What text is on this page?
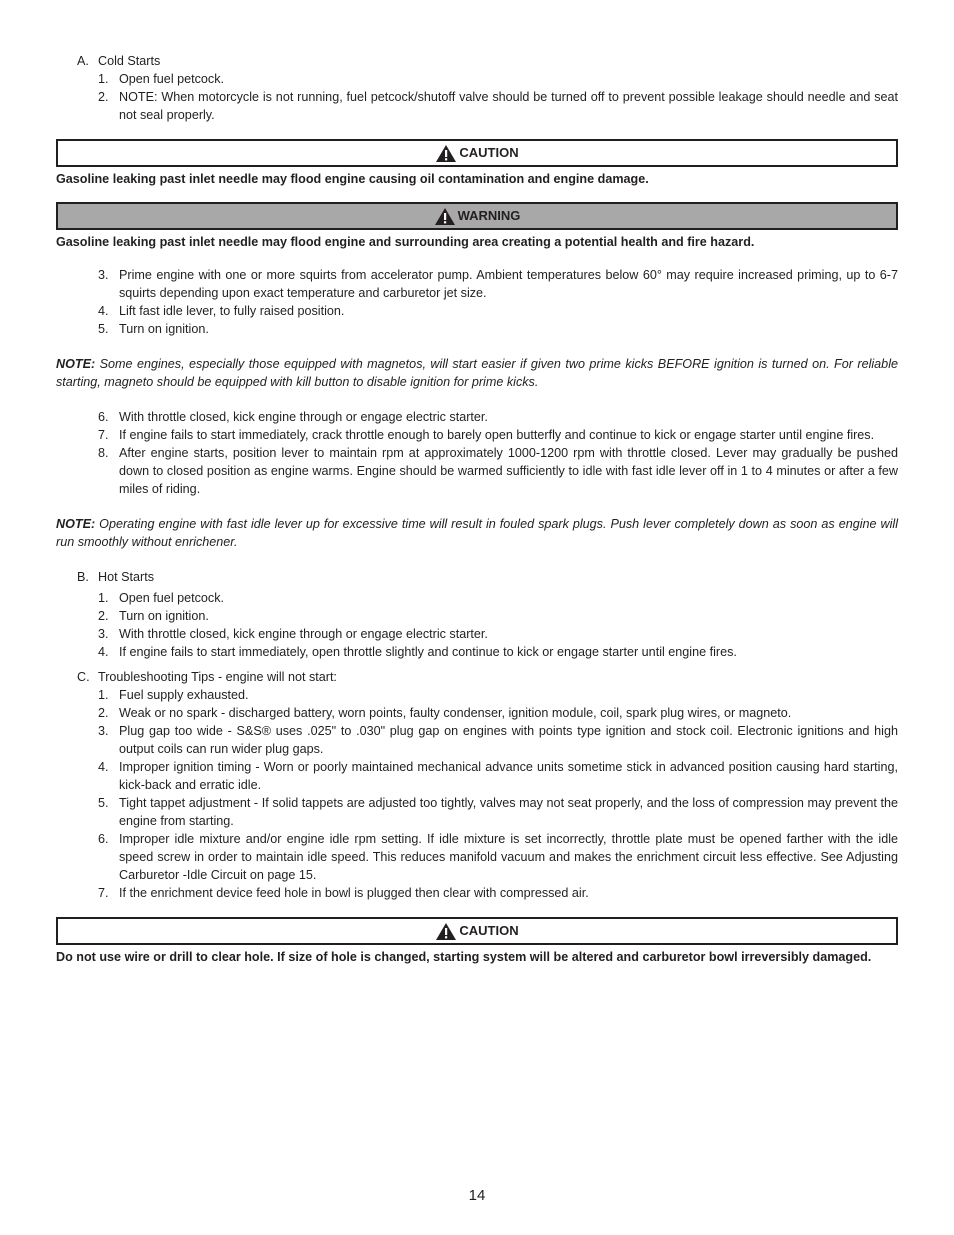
A. Cold Starts
1. Open fuel petcock.
2. NOTE: When motorcycle is not running, fuel petcock/shutoff valve should be turned off to prevent possible leakage should needle and seat not seal properly.
CAUTION
Gasoline leaking past inlet needle may flood engine causing oil contamination and engine damage.
WARNING
Gasoline leaking past inlet needle may flood engine and surrounding area creating a potential health and fire hazard.
3. Prime engine with one or more squirts from accelerator pump. Ambient temperatures below 60° may require increased priming, up to 6-7 squirts depending upon exact temperature and carburetor jet size.
4. Lift fast idle lever, to fully raised position.
5. Turn on ignition.
NOTE: Some engines, especially those equipped with magnetos, will start easier if given two prime kicks BEFORE ignition is turned on. For reliable starting, magneto should be equipped with kill button to disable ignition for prime kicks.
6. With throttle closed, kick engine through or engage electric starter.
7. If engine fails to start immediately, crack throttle enough to barely open butterfly and continue to kick or engage starter until engine fires.
8. After engine starts, position lever to maintain rpm at approximately 1000-1200 rpm with throttle closed. Lever may gradually be pushed down to closed position as engine warms. Engine should be warmed sufficiently to idle with fast idle lever off in 1 to 4 minutes or after a few miles of riding.
NOTE: Operating engine with fast idle lever up for excessive time will result in fouled spark plugs. Push lever completely down as soon as engine will run smoothly without enrichener.
B. Hot Starts
1. Open fuel petcock.
2. Turn on ignition.
3. With throttle closed, kick engine through or engage electric starter.
4. If engine fails to start immediately, open throttle slightly and continue to kick or engage starter until engine fires.
C. Troubleshooting Tips - engine will not start:
1. Fuel supply exhausted.
2. Weak or no spark - discharged battery, worn points, faulty condenser, ignition module, coil, spark plug wires, or magneto.
3. Plug gap too wide - S&S® uses .025" to .030" plug gap on engines with points type ignition and stock coil. Electronic ignitions and high output coils can run wider plug gaps.
4. Improper ignition timing - Worn or poorly maintained mechanical advance units sometime stick in advanced position causing hard starting, kick-back and erratic idle.
5. Tight tappet adjustment - If solid tappets are adjusted too tightly, valves may not seat properly, and the loss of compression may prevent the engine from starting.
6. Improper idle mixture and/or engine idle rpm setting. If idle mixture is set incorrectly, throttle plate must be opened farther with the idle speed screw in order to maintain idle speed. This reduces manifold vacuum and makes the enrichment circuit less effective. See Adjusting Carburetor -Idle Circuit on page 15.
7. If the enrichment device feed hole in bowl is plugged then clear with compressed air.
CAUTION
Do not use wire or drill to clear hole. If size of hole is changed, starting system will be altered and carburetor bowl irreversibly damaged.
14
